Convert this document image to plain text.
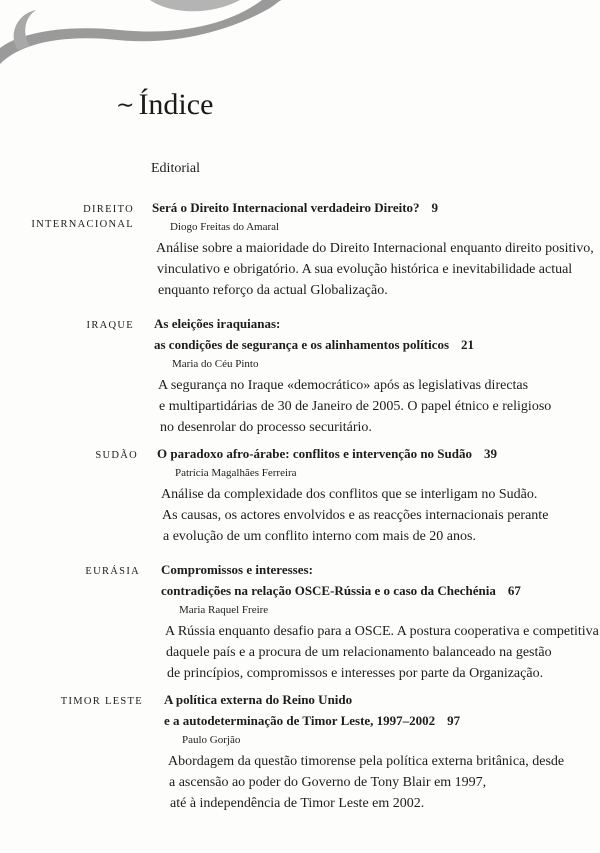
∼ Índice
Editorial
DIREITO
INTERNACIONAL
Será o Direito Internacional verdadeiro Direito? 9
Diogo Freitas do Amaral
Análise sobre a maioridade do Direito Internacional enquanto direito positivo,
vinculativo e obrigatório. A sua evolução histórica e inevitabilidade actual
enquanto reforço da actual Globalização.
IRAQUE As eleições iraquianas:
as condições de segurança e os alinhamentos políticos 21
Maria do Céu Pinto
A segurança no Iraque «democrático» após as legislativas directas
e multipartidárias de 30 de Janeiro de 2005. O papel étnico e religioso
no desenrolar do processo securitário.
SUDÃO O paradoxo afro-árabe: conflitos e intervenção no Sudão 39
Patrícia Magalhães Ferreira
Análise da complexidade dos conflitos que se interligam no Sudão.
As causas, os actores envolvidos e as reacções internacionais perante
a evolução de um conflito interno com mais de 20 anos.
EURÁSIA Compromissos e interesses:
contradições na relação OSCE-Rússia e o caso da Chechénia 67
Maria Raquel Freire
A Rússia enquanto desafio para a OSCE. A postura cooperativa e competitiva
daquele país e a procura de um relacionamento balanceado na gestão
de princípios, compromissos e interesses por parte da Organização.
TIMOR LESTE A política externa do Reino Unido
e a autodeterminação de Timor Leste, 1997–2002 97
Paulo Gorjão
Abordagem da questão timorense pela política externa britânica, desde
a ascensão ao poder do Governo de Tony Blair em 1997,
até à independência de Timor Leste em 2002.
